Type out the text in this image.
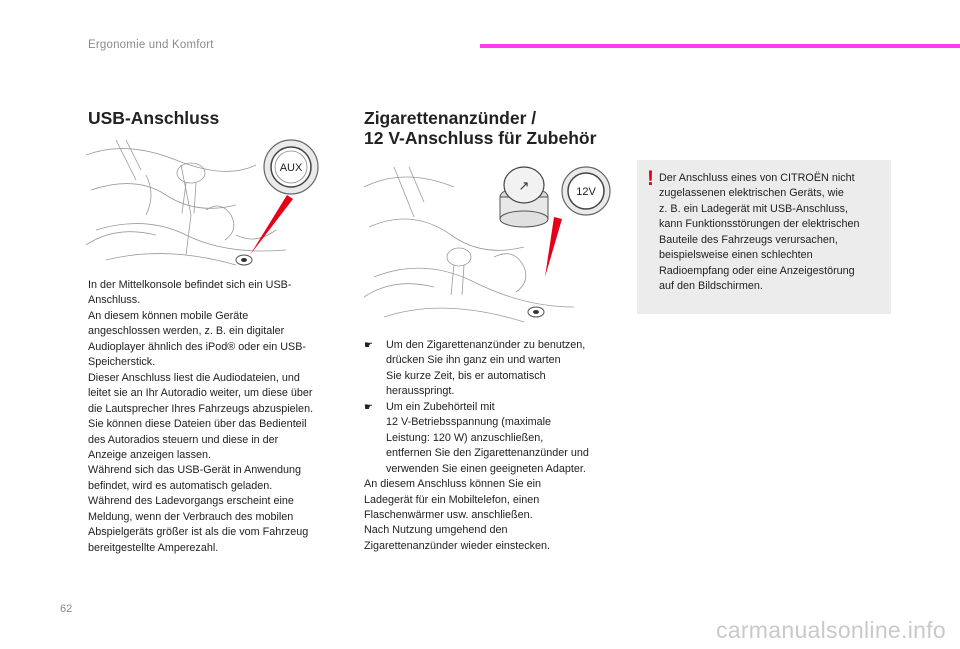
Ergonomie und Komfort
USB-Anschluss
AUX
In der Mittelkonsole befindet sich ein USB-
Anschluss.
An diesem können mobile Geräte
angeschlossen werden, z. B. ein digitaler
Audioplayer ähnlich des iPod® oder ein USB-
Speicherstick.
Dieser Anschluss liest die Audiodateien, und
leitet sie an Ihr Autoradio weiter, um diese über
die Lautsprecher Ihres Fahrzeugs abzuspielen.
Sie können diese Dateien über das Bedienteil
des Autoradios steuern und diese in der
Anzeige anzeigen lassen.
Während sich das USB-Gerät in Anwendung
befindet, wird es automatisch geladen.
Während des Ladevorgangs erscheint eine
Meldung, wenn der Verbrauch des mobilen
Abspielgeräts größer ist als die vom Fahrzeug
bereitgestellte Amperezahl.
Zigarettenanzünder /
12 V-Anschluss für Zubehör
↗	12V
☛ Um den Zigarettenanzünder zu benutzen,
drücken Sie ihn ganz ein und warten
Sie kurze Zeit, bis er automatisch
herausspringt.
☛ Um ein Zubehörteil mit
12 V-Betriebsspannung (maximale
Leistung: 120 W) anzuschließen,
entfernen Sie den Zigarettenanzünder und
verwenden Sie einen geeigneten Adapter.
An diesem Anschluss können Sie ein
Ladegerät für ein Mobiltelefon, einen
Flaschenwärmer usw. anschließen.
Nach Nutzung umgehend den
Zigarettenanzünder wieder einstecken.
! Der Anschluss eines von CITROËN nicht
zugelassenen elektrischen Geräts, wie
z. B. ein Ladegerät mit USB-Anschluss,
kann Funktionsstörungen der elektrischen
Bauteile des Fahrzeugs verursachen,
beispielsweise einen schlechten
Radioempfang oder eine Anzeigestörung
auf den Bildschirmen.
62
carmanualsonline.info
